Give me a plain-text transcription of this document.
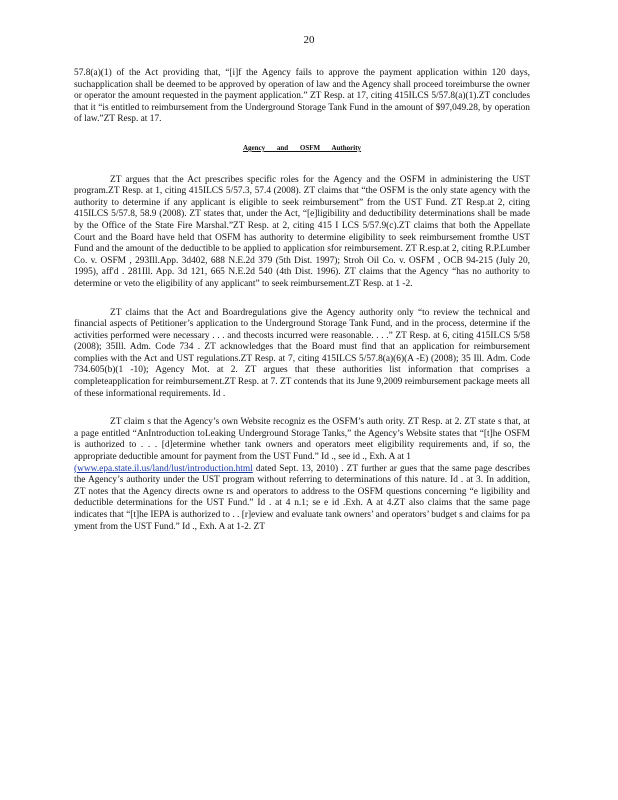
20

57.8(a)(1) of the Act providing that, “[i]f the Agency fails to approve the payment application within 120 days, suchapplication shall be deemed to be approved by operation of law and the Agency shall proceed toreimburse the owner or operator the amount requested in the payment application.” ZT Resp. at 17, citing 415ILCS 5/57.8(a)(1).ZT concludes that it “is entitled to reimbursement from the Underground Storage Tank Fund in the amount of $97,049.28, by operation of law.”ZT Resp. at 17.

Agency and OSFM Authority

ZT argues that the Act prescribes specific roles for the Agency and the OSFM in administering the UST program.ZT Resp. at 1, citing 415ILCS 5/57.3, 57.4 (2008). ZT claims that “the OSFM is the only state agency with the authority to determine if any applicant is eligible to seek reimbursement” from the UST Fund. ZT Resp.at 2, citing 415ILCS 5/57.8, 58.9 (2008). ZT states that, under the Act, “[e]ligibility and deductibility determinations shall be made by the Office of the State Fire Marshal.”ZT Resp. at 2, citing 415 I LCS 5/57.9(c).ZT claims that both the Appellate Court and the Board have held that OSFM has authority to determine eligibility to seek reimbursement fromthe UST Fund and the amount of the deductible to be applied to application sfor reimbursement. ZT R.esp.at 2, citing R.P.Lumber Co. v. OSFM , 293Ill.App. 3d402, 688 N.E.2d 379 (5th Dist. 1997); Stroh Oil Co. v. OSFM , OCB 94-215 (July 20, 1995), aff'd . 281Ill. App. 3d 121, 665 N.E.2d 540 (4th Dist. 1996). ZT claims that the Agency “has no authority to determine or veto the eligibility of any applicant” to seek reimbursement.ZT Resp. at 1 -2.

ZT claims that the Act and Boardregulations give the Agency authority only “to review the technical and financial aspects of Petitioner’s application to the Underground Storage Tank Fund, and in the process, determine if the activities performed were necessary . . . and thecosts incurred were reasonable. . . .” ZT Resp. at 6, citing 415ILCS 5/58 (2008); 35Ill. Adm. Code 734 . ZT acknowledges that the Board must find that an application for reimbursement complies with the Act and UST regulations.ZT Resp. at 7, citing 415ILCS 5/57.8(a)(6)(A -E) (2008); 35 Ill. Adm. Code 734.605(b)(1 -10); Agency Mot. at 2. ZT argues that these authorities list information that comprises a completeapplication for reimbursement.ZT Resp. at 7. ZT contends that its June 9,2009 reimbursement package meets all of these informational requirements. Id .

ZT claim s that the Agency’s own Website recogniz es the OSFM’s auth ority. ZT Resp. at 2. ZT state s that, at a page entitled “AnIntroduction toLeaking Underground Storage Tanks,” the Agency’s Website states that “[t]he OSFM is authorized to . . . [d]etermine whether tank owners and operators meet eligibility requirements and, if so, the appropriate deductible amount for payment from the UST Fund.” Id ., see id ., Exh. A at 1
(www.epa.state.il.us/land/lust/introduction.html dated Sept. 13, 2010) . ZT further ar gues that the same page describes the Agency’s authority under the UST program without referring to determinations of this nature. Id . at 3. In addition, ZT notes that the Agency directs owne rs and operators to address to the OSFM questions concerning “e ligibility and deductible determinations for the UST Fund.” Id . at 4 n.1; se e id .Exh. A at 4.ZT also claims that the same page indicates that “[t]he IEPA is authorized to . . [r]eview and evaluate tank owners’ and operators’ budget s and claims for pa yment from the UST Fund.” Id ., Exh. A at 1-2. ZT
